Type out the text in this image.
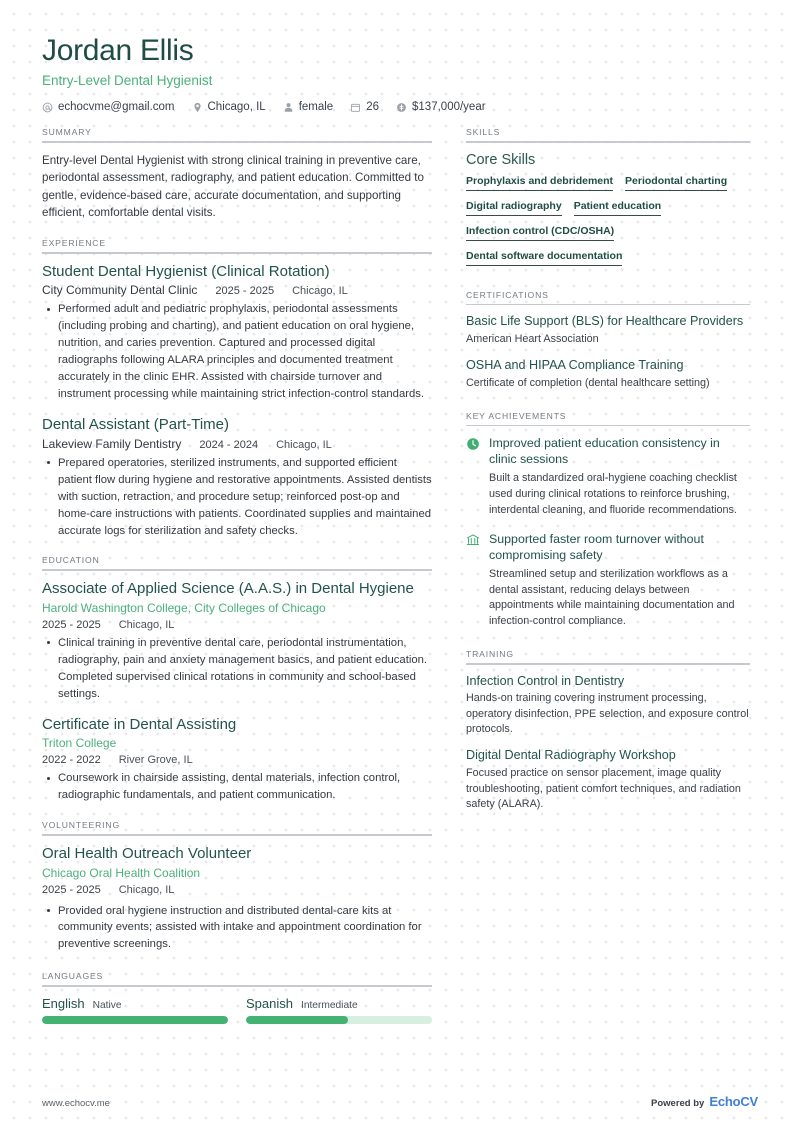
Jordan Ellis
Entry-Level Dental Hygienist
echocvme@gmail.com	Chicago, IL	female	26	$137,000/year
SUMMARY
Entry-level Dental Hygienist with strong clinical training in preventive care, periodontal assessment, radiography, and patient education. Committed to gentle, evidence-based care, accurate documentation, and supporting efficient, comfortable dental visits.
EXPERIENCE
Student Dental Hygienist (Clinical Rotation)
City Community Dental Clinic 2025 - 2025 Chicago, IL
Performed adult and pediatric prophylaxis, periodontal assessments (including probing and charting), and patient education on oral hygiene, nutrition, and caries prevention. Captured and processed digital radiographs following ALARA principles and documented treatment accurately in the clinic EHR. Assisted with chairside turnover and instrument processing while maintaining strict infection-control standards.
Dental Assistant (Part-Time)
Lakeview Family Dentistry 2024 - 2024 Chicago, IL
Prepared operatories, sterilized instruments, and supported efficient patient flow during hygiene and restorative appointments. Assisted dentists with suction, retraction, and procedure setup; reinforced post-op and home-care instructions with patients. Coordinated supplies and maintained accurate logs for sterilization and safety checks.
EDUCATION
Associate of Applied Science (A.A.S.) in Dental Hygiene
Harold Washington College, City Colleges of Chicago
2025 - 2025 Chicago, IL
Clinical training in preventive dental care, periodontal instrumentation, radiography, pain and anxiety management basics, and patient education. Completed supervised clinical rotations in community and school-based settings.
Certificate in Dental Assisting
Triton College
2022 - 2022 River Grove, IL
Coursework in chairside assisting, dental materials, infection control, radiographic fundamentals, and patient communication.
VOLUNTEERING
Oral Health Outreach Volunteer
Chicago Oral Health Coalition
2025 - 2025 Chicago, IL
Provided oral hygiene instruction and distributed dental-care kits at community events; assisted with intake and appointment coordination for preventive screenings.
LANGUAGES
English Native	Spanish Intermediate
SKILLS
Core Skills
Prophylaxis and debridement Periodontal charting
Digital radiography Patient education
Infection control (CDC/OSHA)
Dental software documentation
CERTIFICATIONS
Basic Life Support (BLS) for Healthcare Providers
American Heart Association
OSHA and HIPAA Compliance Training
Certificate of completion (dental healthcare setting)
KEY ACHIEVEMENTS
Improved patient education consistency in clinic sessions
Built a standardized oral-hygiene coaching checklist used during clinical rotations to reinforce brushing, interdental cleaning, and fluoride recommendations.
Supported faster room turnover without compromising safety
Streamlined setup and sterilization workflows as a dental assistant, reducing delays between appointments while maintaining documentation and infection-control compliance.
TRAINING
Infection Control in Dentistry
Hands-on training covering instrument processing, operatory disinfection, PPE selection, and exposure control protocols.
Digital Dental Radiography Workshop
Focused practice on sensor placement, image quality troubleshooting, patient comfort techniques, and radiation safety (ALARA).
www.echocv.me	Powered by EchoCV
